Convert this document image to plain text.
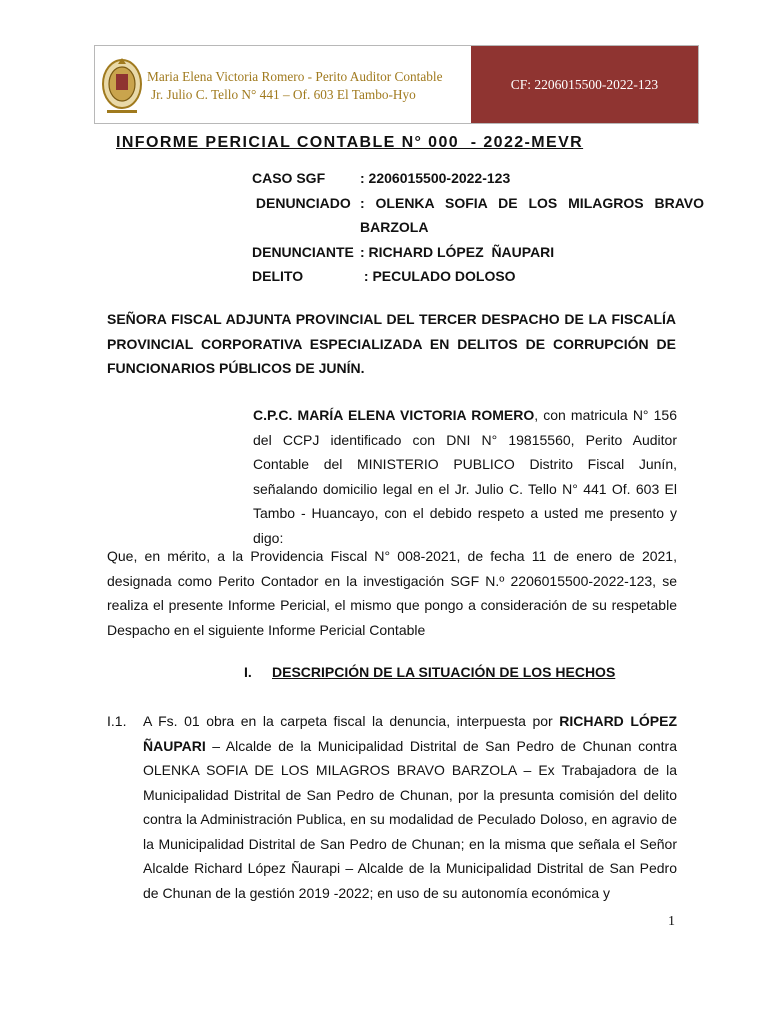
Maria Elena Victoria Romero - Perito Auditor Contable
Jr. Julio C. Tello N° 441 – Of. 603 El Tambo-Hyo
CF: 2206015500-2022-123
INFORME PERICIAL CONTABLE N° 000  - 2022-MEVR
CASO SGF : 2206015500-2022-123
DENUNCIADO : OLENKA SOFIA DE LOS MILAGROS BRAVO BARZOLA
DENUNCIANTE : RICHARD LÓPEZ  ÑAUPARI
DELITO	: PECULADO DOLOSO
SEÑORA FISCAL ADJUNTA PROVINCIAL DEL TERCER DESPACHO DE LA FISCALÍA PROVINCIAL CORPORATIVA ESPECIALIZADA EN DELITOS DE CORRUPCIÓN DE FUNCIONARIOS PÚBLICOS DE JUNÍN.
C.P.C. MARÍA ELENA VICTORIA ROMERO, con matricula N° 156 del CCPJ identificado con DNI N° 19815560, Perito Auditor Contable del MINISTERIO PUBLICO Distrito Fiscal Junín, señalando domicilio legal en el Jr. Julio C. Tello N° 441 Of. 603 El Tambo - Huancayo, con el debido respeto a usted me presento y digo:
Que, en mérito, a la Providencia Fiscal N° 008-2021, de fecha 11 de enero de 2021, designada como Perito Contador en la investigación SGF N.º 2206015500-2022-123, se realiza el presente Informe Pericial, el mismo que pongo a consideración de su respetable Despacho en el siguiente Informe Pericial Contable
I. DESCRIPCIÓN DE LA SITUACIÓN DE LOS HECHOS
I.1. A Fs. 01 obra en la carpeta fiscal la denuncia, interpuesta por RICHARD LÓPEZ ÑAUPARI – Alcalde de la Municipalidad Distrital de San Pedro de Chunan contra OLENKA SOFIA DE LOS MILAGROS BRAVO BARZOLA – Ex Trabajadora de la Municipalidad Distrital de San Pedro de Chunan, por la presunta comisión del delito contra la Administración Publica, en su modalidad de Peculado Doloso, en agravio de la Municipalidad Distrital de San Pedro de Chunan; en la misma que señala el Señor Alcalde Richard López Ñaurapi – Alcalde de la Municipalidad Distrital de San Pedro de Chunan de la gestión 2019 -2022; en uso de su autonomía económica y
1
